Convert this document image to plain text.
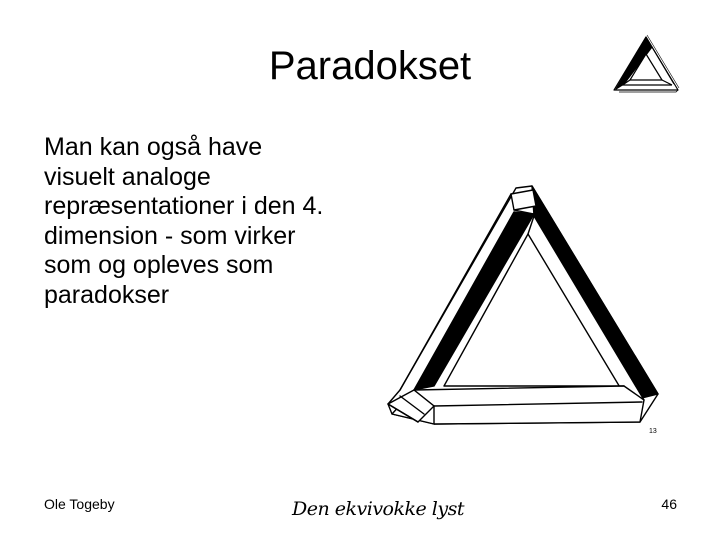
Paradokset
Man kan også have
visuelt analoge
repræsentationer i den 4.
dimension - som virker
som og opleves som
paradokser
13
Ole Togeby	Den ekvivokke lyst	46
